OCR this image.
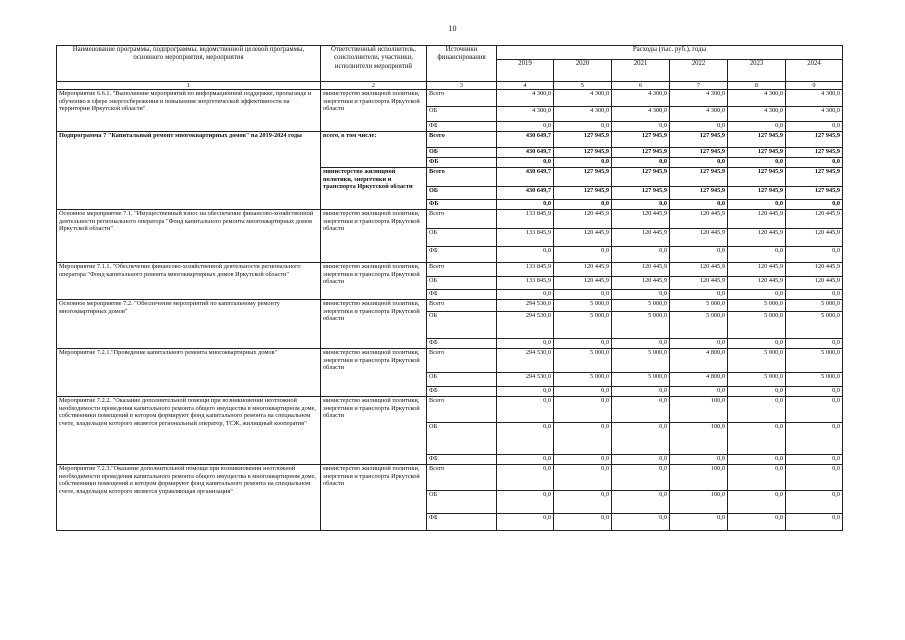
10
Наименование программы, подпрограммы, ведомственной целевой программы, основного мероприятия, мероприятия	Ответственный исполнитель, соисполнители, участники, исполнители мероприятий	Источники финансирования	Расходы (тыс. руб.), годы					
			2019	2020	2021	2022	2023	2024
1	2	3	4	5	6	7	8	9
Мероприятие 6.6.1. "Выполнение мероприятий по информационной поддержке, пропаганде и обучению в сфере энергосбережения и повышения энергетической эффективности на территории Иркутской области"	министерство жилищной политики, энергетики и транспорта Иркутской области	Всего	4 300,0	4 300,0	4 300,0	4 300,0	4 300,0	4 300,0
		ОБ	4 300,0	4 300,0	4 300,0	4 300,0	4 300,0	4 300,0
		ФБ	0,0	0,0	0,0	0,0	0,0	0,0
Подпрограмма 7 "Капитальный ремонт многоквартирных домов" на 2019-2024 годы	всего, в том числе:	Всего	430 649,7	127 945,9	127 945,9	127 945,9	127 945,9	127 945,9
		ОБ	430 649,7	127 945,9	127 945,9	127 945,9	127 945,9	127 945,9
		ФБ	0,0	0,0	0,0	0,0	0,0	0,0
	министерство жилищной политики, энергетики и транспорта Иркутской области	Всего	430 649,7	127 945,9	127 945,9	127 945,9	127 945,9	127 945,9
		ОБ	430 649,7	127 945,9	127 945,9	127 945,9	127 945,9	127 945,9
		ФБ	0,0	0,0	0,0	0,0	0,0	0,0
Основное мероприятие 7.1. "Имущественный взнос на обеспечение финансово-хозяйственной деятельности регионального оператора "Фонд капитального ремонта многоквартирных домов Иркутской области"	министерство жилищной политики, энергетики и транспорта Иркутской области	Всего	133 845,9	120 445,9	120 445,9	120 445,9	120 445,9	120 445,9
		ОБ	133 845,9	120 445,9	120 445,9	120 445,9	120 445,9	120 445,9
		ФБ	0,0	0,0	0,0	0,0	0,0	0,0
Мероприятие 7.1.1. "Обеспечение финансово-хозяйственной деятельности регионального оператора "Фонд капитального ремонта многоквартирных домов Иркутской области"	министерство жилищной политики, энергетики и транспорта Иркутской области	Всего	133 845,9	120 445,9	120 445,9	120 445,9	120 445,9	120 445,9
		ОБ	133 845,9	120 445,9	120 445,9	120 445,9	120 445,9	120 445,9
		ФБ	0,0	0,0	0,0	0,0	0,0	0,0
Основное мероприятие 7.2. "Обеспечение мероприятий по капитальному ремонту многоквартирных домов"	министерство жилищной политики, энергетики и транспорта Иркутской области	Всего	294 530,0	5 000,0	5 000,0	5 000,0	5 000,0	5 000,0
		ОБ	294 530,0	5 000,0	5 000,0	5 000,0	5 000,0	5 000,0
		ФБ	0,0	0,0	0,0	0,0	0,0	0,0
Мероприятие 7.2.1."Проведение капитального ремонта многоквартирных домов"	министерство жилищной политики, энергетики и транспорта Иркутской области	Всего	294 530,0	5 000,0	5 000,0	4 800,0	5 000,0	5 000,0
		ОБ	294 530,0	5 000,0	5 000,0	4 800,0	5 000,0	5 000,0
		ФБ	0,0	0,0	0,0	0,0	0,0	0,0
Мероприятие 7.2.2. "Оказание дополнительной помощи при возникновении неотложной необходимости проведения капитального ремонта общего имущества в многоквартирном доме, собственники помещений в котором формируют фонд капитального ремонта на специальном счете, владельцем которого является региональный оператор, ТСЖ, жилищный кооператив"	министерство жилищной политики, энергетики и транспорта Иркутской области	Всего	0,0	0,0	0,0	100,0	0,0	0,0
		ОБ	0,0	0,0	0,0	100,0	0,0	0,0
		ФБ	0,0	0,0	0,0	0,0	0,0	0,0
Мероприятие 7.2.3."Оказание дополнительной помощи при возникновении неотложной необходимости проведения капитального ремонта общего имущества в многоквартирном доме, собственники помещений в котором формируют фонд капитального ремонта на специальном счете, владельцем которого является управляющая организация"	министерство жилищной политики, энергетики и транспорта Иркутской области	Всего	0,0	0,0	0,0	100,0	0,0	0,0
		ОБ	0,0	0,0	0,0	100,0	0,0	0,0
		ФБ	0,0	0,0	0,0	0,0	0,0	0,0
